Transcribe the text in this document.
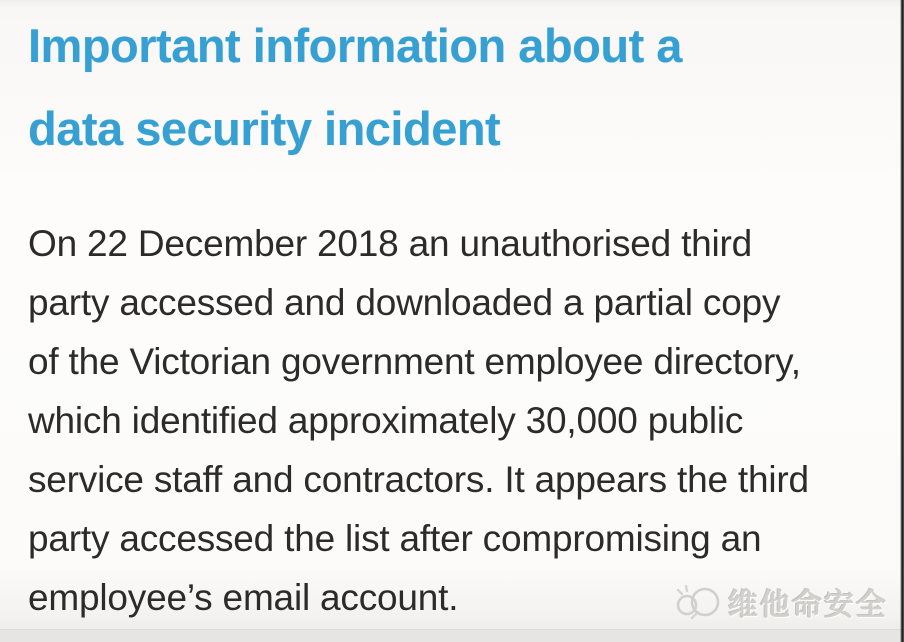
Important information about a
data security incident
On 22 December 2018 an unauthorised third
party accessed and downloaded a partial copy
of the Victorian government employee directory,
which identified approximately 30,000 public
service staff and contractors. It appears the third
party accessed the list after compromising an
employee’s email account.	维他命安全
